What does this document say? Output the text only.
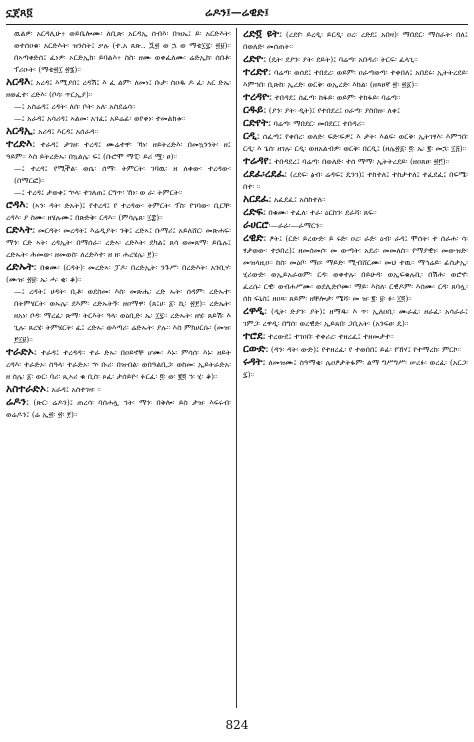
ኗጀጸ፬	ሬዶን፤—ሬዊድ፤

ዉልዎ፡ አርዳሊሁ፥ ወይቤሎሙ፡ ለቢጽ፡ አርዳኢ ሰብእ፡ በዝኤ፤ ይ፡ አርድእት፡ ወተሰዐቁ፡ አርድእት፡ ዝንስት፤ ቃሉ (ተ.አ ጸጽ.. ጟ፳ ወ ኋ ወ ማቴ፲፯፡ ፳፱)። በኣጣቀድሰ፤ ፈነዎ፡ ኦርድኢክ፡ ይባልእ፥ ስስ፡ ዘሙ ወቀፈለሙ፡ ሬድኢክ፡ ሰበቶ፡ ፕሪዑት፡ (ማቴ፳፲ ፳፮)።

አርዳእ፤ አረዳ፤ እሚያበ፤ ረዳሽ፤ እ ፈ ልም፡ ለመነ፤ ቡታ፡ ስዐዱ ዶ ፈ፡ አር ድኤ፡ ዘወፈተ፡ ረድእ፡ (ቦሳ፡ ጥርኢያ)።

—፤ አስሬዳ፤ ረዳት፡ ለሰ፡ ቦት፡ አለ፡ አስደሬሳ።

—፤ አራዳ፤ አሳሪዳ፤ ኣልመ፡ አገፈ፤ አይሬፊ፡ ወየቀነ፡ ተመልክቱ።

አርዳኢ፤ አሪዳ፤ እርዳ፤ አሰራዳ።

ተረድእ፤ ተራዳ፤ ታገዘ፡ ተረዳ፤ ሙሬተዋ፡ ኻነ፡ ዘይትረድእ፡ በመኳንንት፡ ዘ፤ ዓይም። እስ ይትረድኡ፡ በኳልሌ፡ ፍ፤ (ቡሮሞ ማፒ፡ ይሪ ሟ፡ ፀ)።

—፤ ተረዳ፤ የሚችል፡ ወሴ፡ ሰማ፡ ትምርት፡ ገባዉ፡ ዘ ለቀው፡ ተረዳው፡ (በማርፎ)።

—፤ ተረዳ፤ ታወቀ፤ ኍላ፡ ተገለጠ፤ ርግጥ፡ ኸነ፡ ወ ራ፡ ትምርት።

ሮዳእ፤ (ኣን፡ ዳት፡ ድአት)፤ የተረዳ፤ የ ተረዳው፡ ትምርት፡ ፕስ፡ የገባው፡ ቢርቸ፡ ረዳእ፡ ያ ስሙ፡ ዘሄሉሙ፤ በጽድቅ፡ ርዳእ። (ምሳሌጸ፡ ፲፰)።

ርድኣት፤ መርዳት፡ መረዳት፤ እሬዲያት፡ ንቅ፤ ረድኣ፤ ቡማሪ፤ አይለሸር፡ መጽሐፍ፡ ማን፡ ርድ ኣት፡ ረዳኢት፡ በማሰራ። ረድኣ፡ ረድእት፡ ደካል፤ ጸሳ ወመጸማ፡ ይቤሉ፤ ረድኡት፡ ሕመው፡ ዘመወስ፡ ለረድእተ፡ ዘ ዘ፡ ሐረሄሌ፡ ፻)።

ረድኡት፤ በቁሙ፡ (ርዳት)፡ መረድኣ፡ ፓዶ፡ በረድኢት፡ ንጉሥ፡ በረድእት፡ አንቢሃ፡ (ሙዝ፡ ፳፱፡ ኤ፡ ሓ፡ ቂ፡ ቆ)።

—፤ ረዳት፤ ሀዳት፡ ቢቶ፡ ወደስመ፡ እስ፡ መጽሔ፡ ረድ ኡት፡ ሰዳም፡ ረድኡተ፡ በትምሄርት፡ ወኡሌ፡ ደእም፡ ረድኡትኝ፡ ዘዐማዋ፡ (ጸ፤ሀ፡ ፩፡ ኪ፡ ፳፻)። ረድኤት፡ ዘአነ፡ ቦዳ፡ ማረፈ፡ ጽማ፡ ትርእት፡ ዓላ፡ ወዕቢድ፡ ኤ፡ ፲፯። ረድኡት፡ ዘሄ፡ ጸይሽ፡ እ ጊሉ፡ ጸረሄ፡ ትምሄርት፡ ፈ፤ ረድኡ፡ ወእጣሪ፡ ሬድኡት፡ ያሉ። እስ ምክሀርሱ፡ (መዝ፡ ፻፲፱)።

ተራድኦ፤ ተራዳ፤ ተረዳዳ። ተራ ድኡ፡ በዐይኖቸ ሆሙ፡ እኑ፡ ምሳሰ፡ እኑ፡ ዘይት ረዳእ፡ ተራድኦ፡ ስዓላ፡ ተራድኦ፡ ኍ ቡሪ፡ በዝብል፡ ወበዓልቢጋ፡ ወከመ፡ ኢይትራድአ፡ ዘ ስሌ፡ ፩፡ ወር፡ ባሪ፡ ጲኣሪ ቁ ቢስ፡ ጶፈ፡ ታሰይዮ፡ ፉርፈ፡ ፬፡ ወ፡ ፪፬ ኅ፡ ሂ፡ ቆ)።

አስተራድኦ፤ አራዳ፤ አስተገዛ፡ ።

ሬዶን፤ (ጽር፡ ሬዶን)፤ ጠረሳ፡ ባሰሐሏ ኅት፡ ማን፡ በቅሎ፡ ይስ ታዝ፡ እፍሩብ፡ ወሬዶን፤ (ሬ ኢ፳፡ ፳፡ ፻)።

ረድ፬ ዩት፤ (ረደየ፡ ይረዲ፡ ይርዲ፡ ዐረ፡ ረድደ፤ አበዛ)፡ ማበደር፡ ማሰራት፡ በለ፤ በወለድ፡ መሰጠት።

ረድዮ፤ (ዴት፡ ደያን፡ ያት፡ ደይት)፤ ባሬጣ፡ አበዳሪ፡ ትርፍ፡ ፈላጊ።

ተረድየ፤ ባሬጣ፡ ወሰደ፤ ተበደረ፡ ወይም፡ ዐራጣወጣ፡ ተቀበለ፤ አበደሩ፡ ኢትትረደይ፡ እምኀበ፡ ቢጽከ፡ ኢረድ፡ ወርቅ፡ ወኢረድ፡ እክል፡ (ዘጻፀኛ ፳፡ ፳፩)።

ተረዳዮ፤ ተበዳደ፤ ሰፈጣ፡ ከፋይ፡ ወይም፡ ተከፋይ፡ ባሬጣ።

ርዱይ፤ (ያን፡ ያት፡ ዲት)፤ የተበደረ፤ ዐራጣ፡ ያስበዙ፡ ለቀ፤

ርድየት፤ ባሬጣ፡ ማበደር፡ መበደር፤ ተበዳሪ።

ርዲ፤ ሰፈጣ፤ የቀበረ፡ ወለድ፡ ፍድ፡ፍዎ፤ እ ታት፡ እልፍ፡ ወርቅ፡ ኢትገፃእ፡ እምኀበ፡ ርዲ፡ እ ጌስ፡ ዘገሉ፡ ርዲ፡ ወዘአልብዎ፡ ወርቅ፡ በርዲ፤ (ዘሌ፳፩፡ ፬፡ ኤ፡ ፪፡ መኋ፡ ፲፭)።

ተሬዳየ፤ ተበዳደረ፤ ባሬጣ፡ በወለድ፡ ተሰ ማማ፡ ኢትትረደይ፡ (ዘዐጸፀ፡ ፳፫)።

ረደፈ፡ረደፈ፤ (ረደፍ፡ ፅብ፡ ሬዳፍ፤ ዴንገ)፤ ተከተለ፤ ተከታተለ፤ ተፈደፈ፤ በፍሜ፡ በተ፡ ።

አርደፈ፤ አፈደፈ፤ አስከተለ።

ረድፍ፤ በቁሙ፡ ተፈለ፡ ተራ፡ ዕርከን፡ ደራሻ፡ ጸፍ።

ራሀርሮ፡—ራራ፡—ራማርን።

ረዊድ፤ ፆት፤ (ርድ፡ ይረውድ፡ ይ ሩድ፡ ዐረ፡ ራድ፡ ዕብ፡ ራዳ፤ ሞሰት፡ ተ ሰራሐ፡ ሳ፡ ፃታወው፡ ተኃበረ)፤ ዘመሰመሶ፡ መ ውጣት፡ አደሪ፡ መመለስ። የማያዊነ፡ መውዝድ፡ መዝላዚዐ። ከስ፡ መዕቦ፡ ማዐ፡ ማይድ፡ ሚብሸርሙ፡ መህ ተዉ። ማኅሬይ፡ ፊስታኢ፡ ሂሪውድ፡ ወኢይአራወም፡ ርዳ፡ ወቀተሉ፡ በይሁዳ፡ ወኢፍቁሉቢ፡ በሽሕ፡ ወሮኖ፡ ፈረሱ፡ ርዊ፡ ወብሐሥሙ፡ ወደሊድቦሙ፡ ማይ፡ እስለ፡ ርዊዶም፡ እስሙ፡ ርዳ፡ ጸባሏ፡ ሰከ ፍኒስ፤ ዘዐጻ፡ ጸይም፡ ዘቸሎታ፡ ሜሻ፡ መ ዝ፡ ፪፡ ፱፡ ፉ፡ ፲፬)።

ረዋዲ፤ (ዲት፡ ድያን፡ ያት)፤ ዘማዱ፡ እ ጥ፡ ኢለዐቢ፡ ሙራፈ፡ ዘራፈ፡ አሳራራ፤ ገምጋ፡ ረዋዲ፡ በግሰ፡ ወረዊድ፡ ኢይጰበ፡ ጋቢአት፡ (አንፍፀ፡ ዴ)።

ተሮደ፤ ተረውደ፤ ተገዐበ፡ ተቀሪረ፡ ተዘረፈ፤ ተዘመታተ።

ርውድ፤ (ዳን፡ ዳት፡ ውድ)፤ የተዘረፈ፡ የ ተወበበ፤ ይፊ፡ የኸሃ፤ የተማረከ፡ ምርኮ።

ሩዳት፤ ለመዝሙ፤ ስዓማቂ፡ ሌዐፆታትፋም፡ ልማ ግሥግሥ፡ ሠረፉ፡ ወረፈ፡ (አርጋ፡ ፯)።

824
